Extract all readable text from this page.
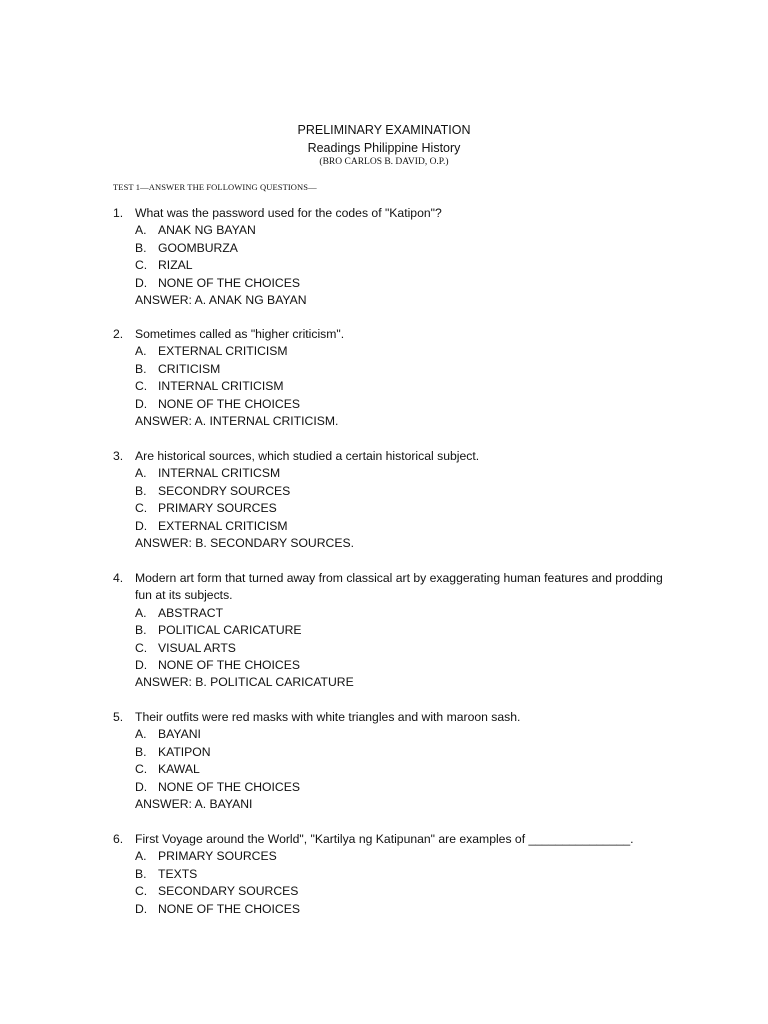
PRELIMINARY EXAMINATION
Readings Philippine History
(BRO CARLOS B. DAVID, O.P.)
TEST 1—ANSWER THE FOLLOWING QUESTIONS—
1. What was the password used for the codes of "Katipon"?
A. ANAK NG BAYAN
B. GOOMBURZA
C. RIZAL
D. NONE OF THE CHOICES
ANSWER: A. ANAK NG BAYAN
2. Sometimes called as "higher criticism".
A. EXTERNAL CRITICISM
B. CRITICISM
C. INTERNAL CRITICISM
D. NONE OF THE CHOICES
ANSWER: A. INTERNAL CRITICISM.
3. Are historical sources, which studied a certain historical subject.
A. INTERNAL CRITICSM
B. SECONDRY SOURCES
C. PRIMARY SOURCES
D. EXTERNAL CRITICISM
ANSWER: B. SECONDARY SOURCES.
4. Modern art form that turned away from classical art by exaggerating human features and prodding fun at its subjects.
A. ABSTRACT
B. POLITICAL CARICATURE
C. VISUAL ARTS
D. NONE OF THE CHOICES
ANSWER: B. POLITICAL CARICATURE
5. Their outfits were red masks with white triangles and with maroon sash.
A. BAYANI
B. KATIPON
C. KAWAL
D. NONE OF THE CHOICES
ANSWER: A. BAYANI
6. First Voyage around the World", "Kartilya ng Katipunan" are examples of _______________.
A. PRIMARY SOURCES
B. TEXTS
C. SECONDARY SOURCES
D. NONE OF THE CHOICES
